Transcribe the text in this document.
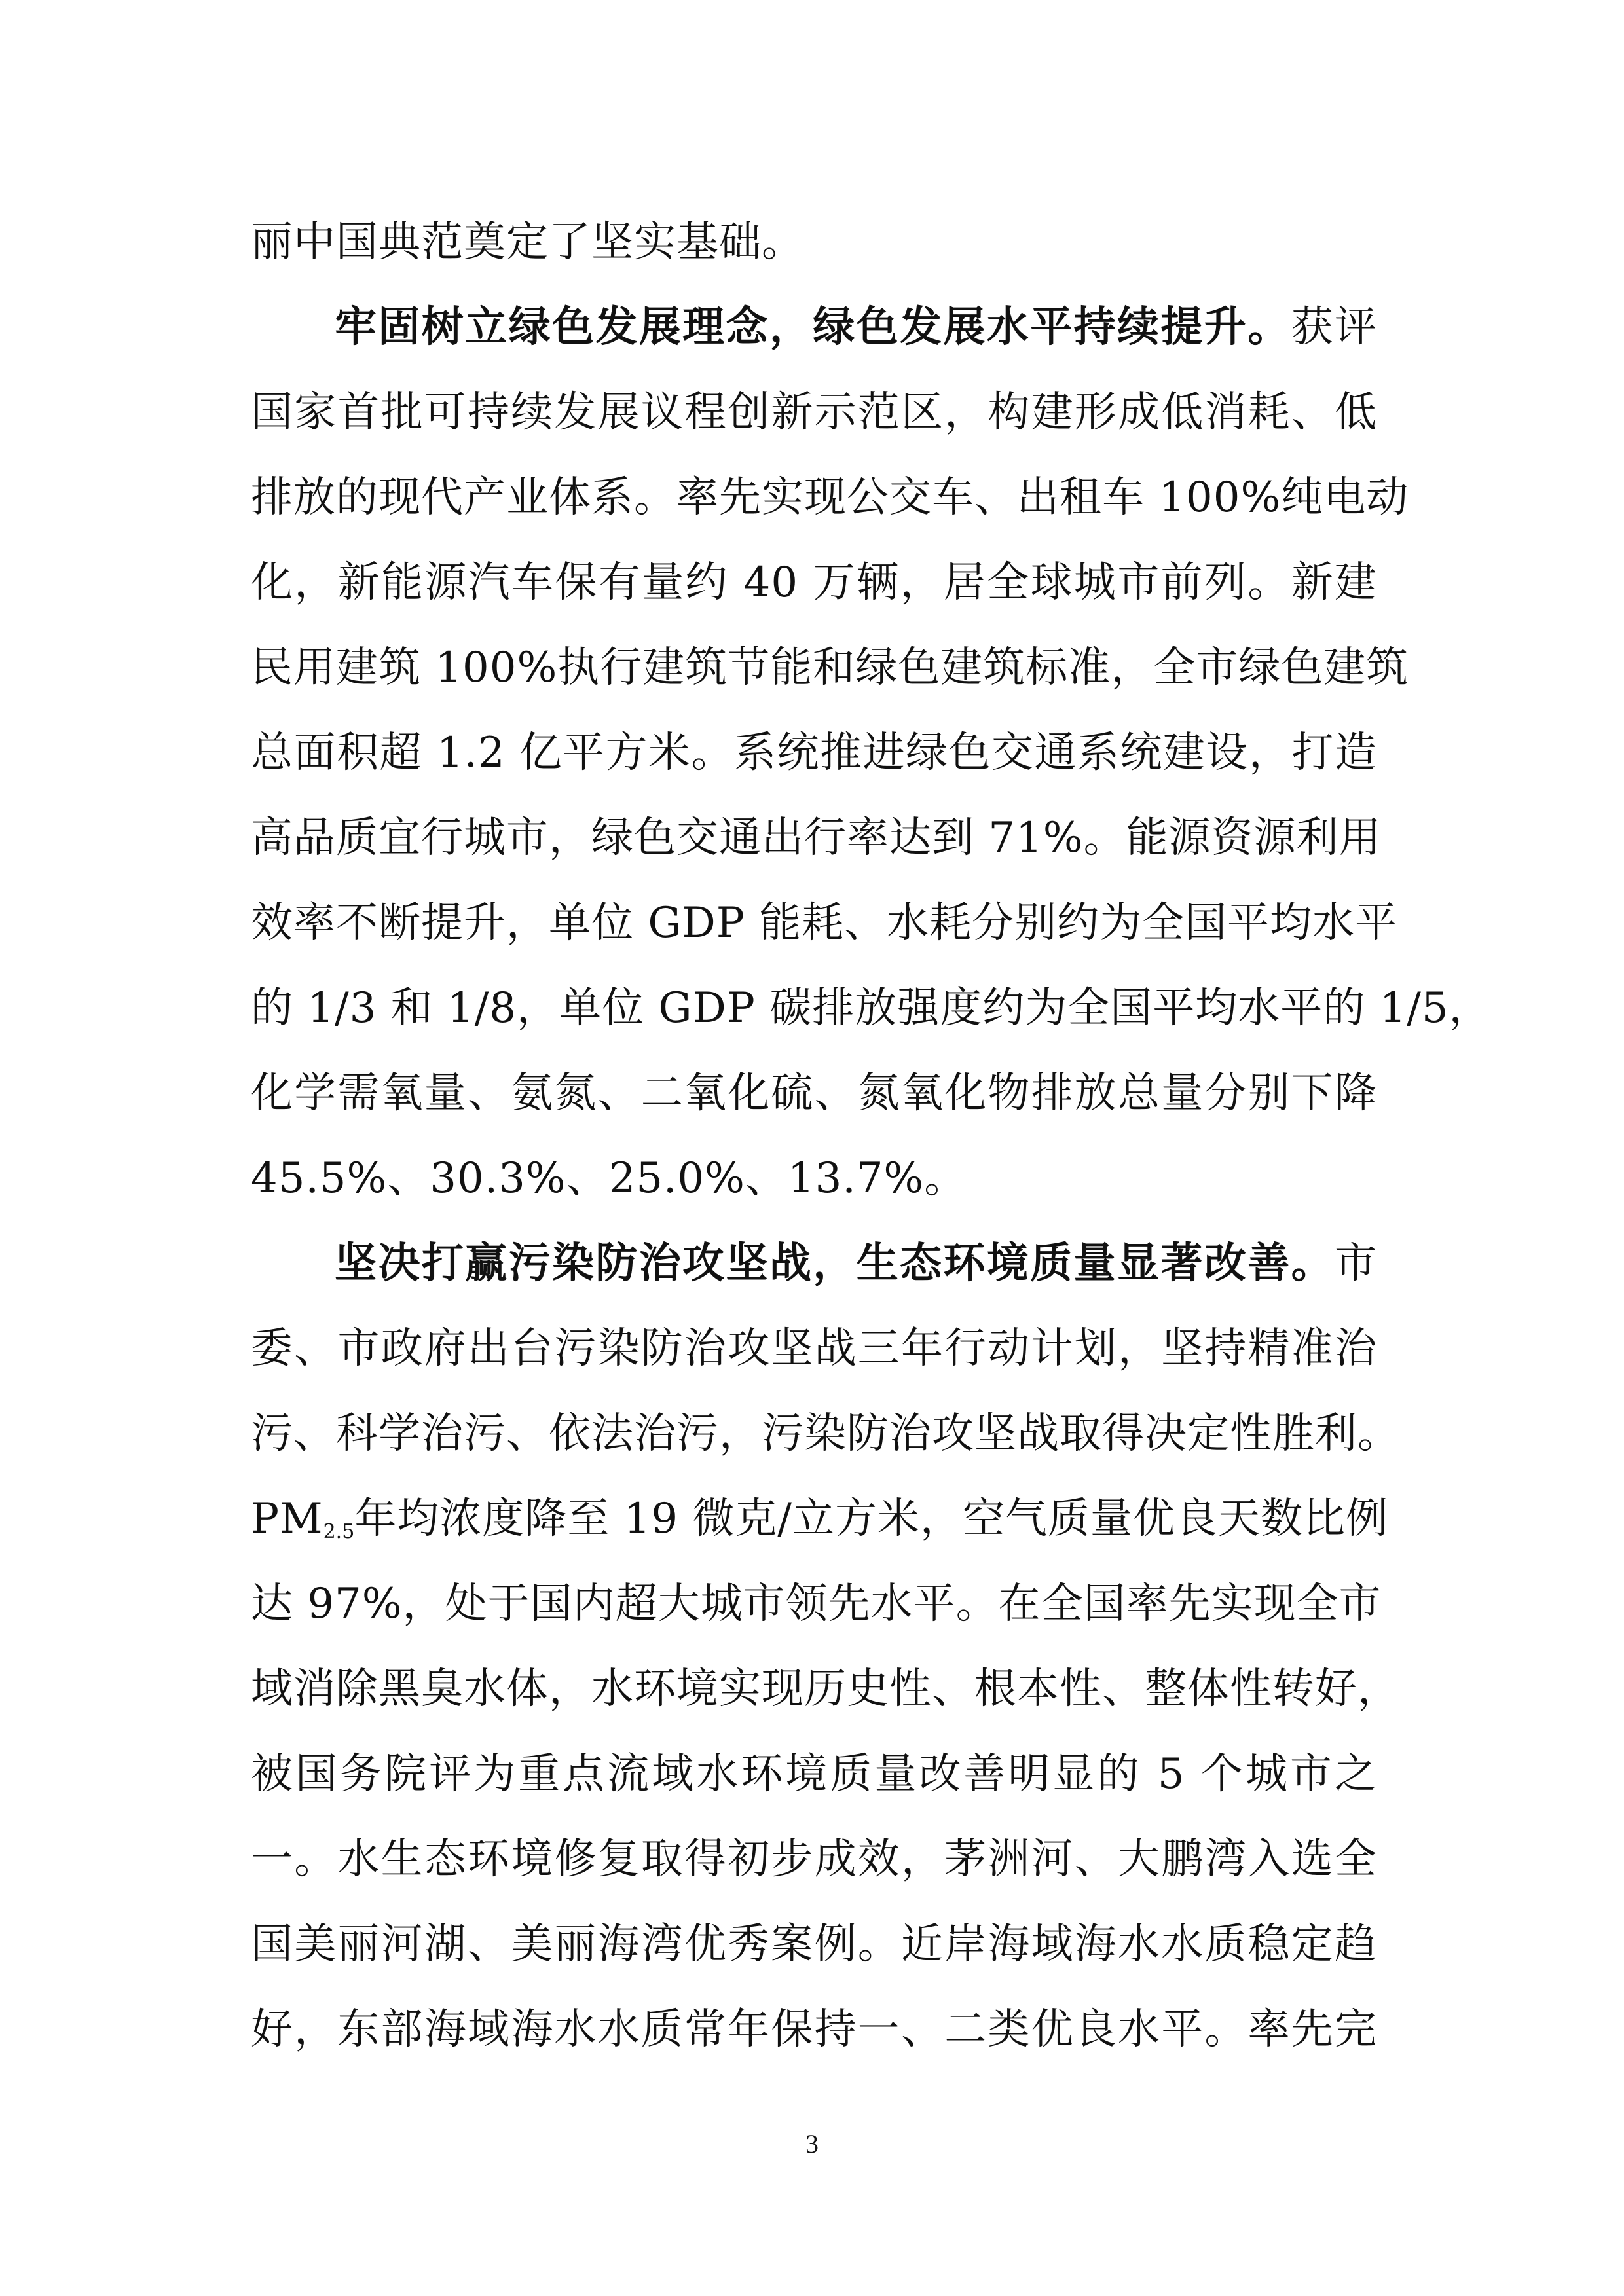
丽中国典范奠定了坚实基础。
牢固树立绿色发展理念，绿色发展水平持续提升。获评
国家首批可持续发展议程创新示范区，构建形成低消耗、低
排放的现代产业体系。率先实现公交车、出租车 100%纯电动
化，新能源汽车保有量约 40 万辆，居全球城市前列。新建
民用建筑 100%执行建筑节能和绿色建筑标准，全市绿色建筑
总面积超 1.2 亿平方米。系统推进绿色交通系统建设，打造
高品质宜行城市，绿色交通出行率达到 71%。能源资源利用
效率不断提升，单位 GDP 能耗、水耗分别约为全国平均水平
的 1/3 和 1/8，单位 GDP 碳排放强度约为全国平均水平的 1/5，
化学需氧量、氨氮、二氧化硫、氮氧化物排放总量分别下降
45.5%、30.3%、25.0%、13.7%。
坚决打赢污染防治攻坚战，生态环境质量显著改善。市
委、市政府出台污染防治攻坚战三年行动计划，坚持精准治
污、科学治污、依法治污，污染防治攻坚战取得决定性胜利。
$PM_{2.5}$年均浓度降至 19 微克/立方米，空气质量优良天数比例
达 97%，处于国内超大城市领先水平。在全国率先实现全市
域消除黑臭水体，水环境实现历史性、根本性、整体性转好，
被国务院评为重点流域水环境质量改善明显的 5 个城市之
一。水生态环境修复取得初步成效，茅洲河、大鹏湾入选全
国美丽河湖、美丽海湾优秀案例。近岸海域海水水质稳定趋
好，东部海域海水水质常年保持一、二类优良水平。率先完
3
